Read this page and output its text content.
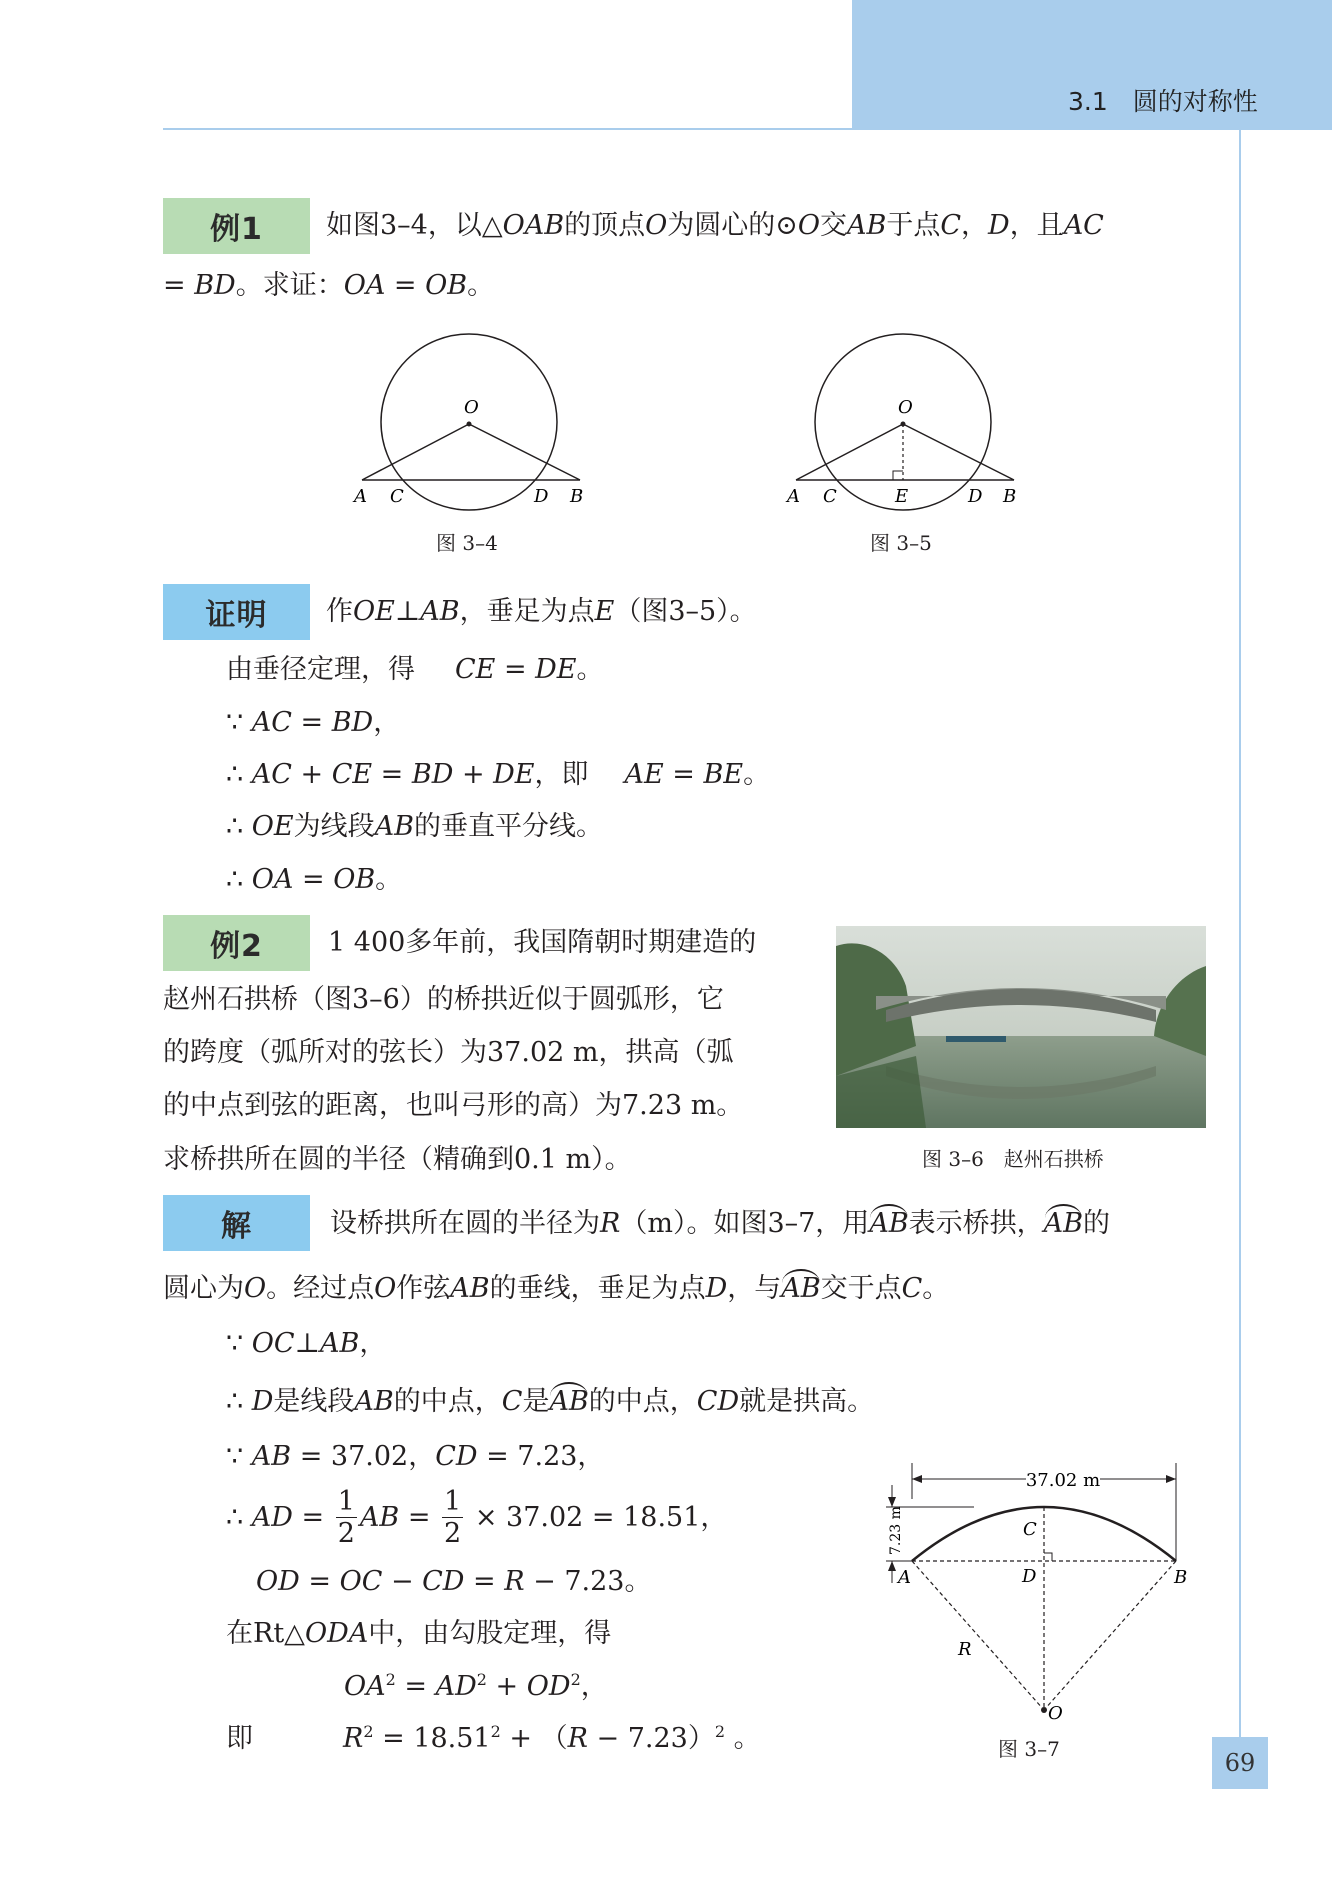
3.1　圆的对称性
例1	如图3–4，以△OAB的顶点O为圆心的⊙O交AB于点C，D，且AC
= BD。求证：OA = OB。
O
A C	D B
图 3–4
O
A C	E	D B
图 3–5
证明	作OE⊥AB，垂足为点E（图3–5）。
由垂径定理，得 CE = DE。
∵ AC = BD，
∴ AC + CE = BD + DE，即 AE = BE。
∴ OE为线段AB的垂直平分线。
∴ OA = OB。
例2	1 400多年前，我国隋朝时期建造的
赵州石拱桥（图3–6）的桥拱近似于圆弧形，它
的跨度（弧所对的弦长）为37.02 m，拱高（弧
的中点到弦的距离，也叫弓形的高）为7.23 m。
求桥拱所在圆的半径（精确到0.1 m）。	图 3–6　赵州石拱桥
解	设桥拱所在圆的半径为R（m）。如图3–7，用AB表示桥拱，AB的
圆心为O。经过点O作弦AB的垂线，垂足为点D，与AB交于点C。
∵ OC⊥AB，
∴ D是线段AB的中点，C是AB的中点，CD就是拱高。
∵ AB = 37.02，CD = 7.23，
∴ AD = $\frac{1}{2}$ AB = $\frac{1}{2} \times 37.02 = 18.51$，
OD = OC − CD = R − 7.23。
在Rt△ODA中，由勾股定理，得
$OA^2 = AD^2 + OD^2$，
即	$R^2 = 18.51^2 + (R - 7.23)^2$ 。
37.02 m
7.23 m	C
A	D	B
R
O
图 3–7	69
